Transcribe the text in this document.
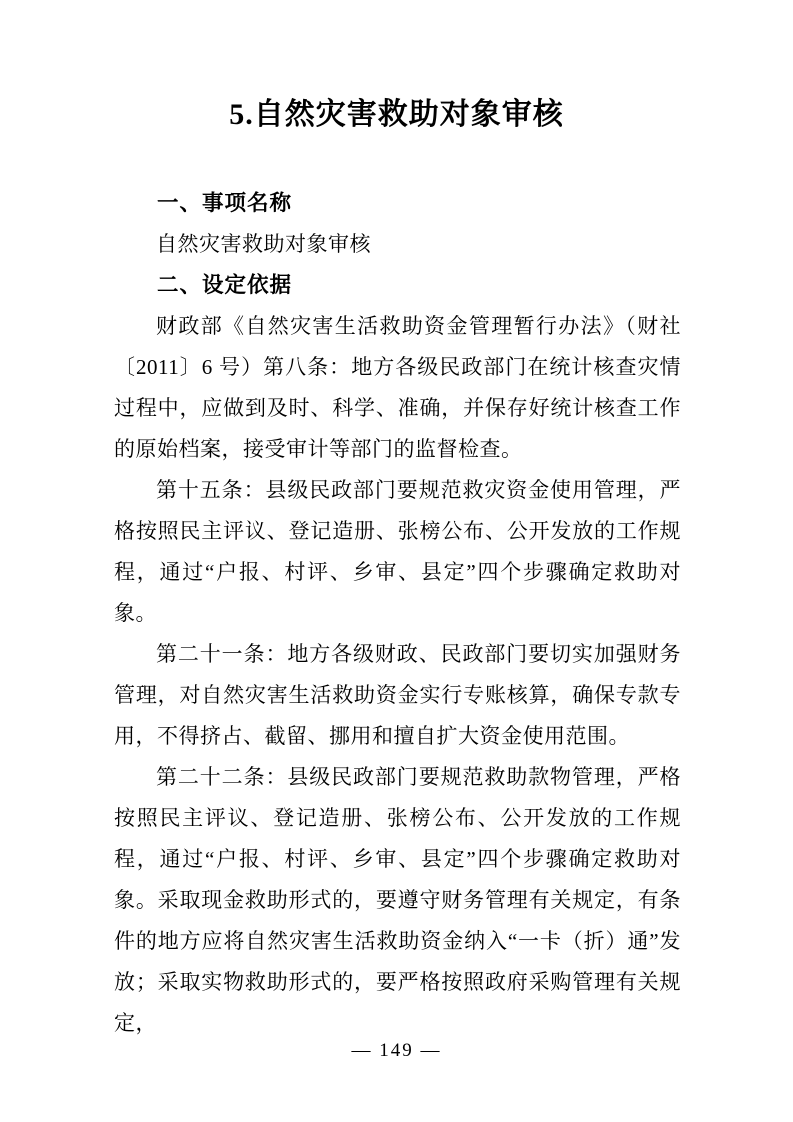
5.自然灾害救助对象审核
一、事项名称

自然灾害救助对象审核

二、设定依据

财政部《自然灾害生活救助资金管理暂行办法》（财社〔2011〕6 号）第八条：地方各级民政部门在统计核查灾情过程中，应做到及时、科学、准确，并保存好统计核查工作的原始档案，接受审计等部门的监督检查。

第十五条：县级民政部门要规范救灾资金使用管理，严格按照民主评议、登记造册、张榜公布、公开发放的工作规程，通过“户报、村评、乡审、县定”四个步骤确定救助对象。

第二十一条：地方各级财政、民政部门要切实加强财务管理，对自然灾害生活救助资金实行专账核算，确保专款专用，不得挤占、截留、挪用和擅自扩大资金使用范围。

第二十二条：县级民政部门要规范救助款物管理，严格按照民主评议、登记造册、张榜公布、公开发放的工作规程，通过“户报、村评、乡审、县定”四个步骤确定救助对象。采取现金救助形式的，要遵守财务管理有关规定，有条件的地方应将自然灾害生活救助资金纳入“一卡（折）通”发放；采取实物救助形式的，要严格按照政府采购管理有关规定，

— 149 —
